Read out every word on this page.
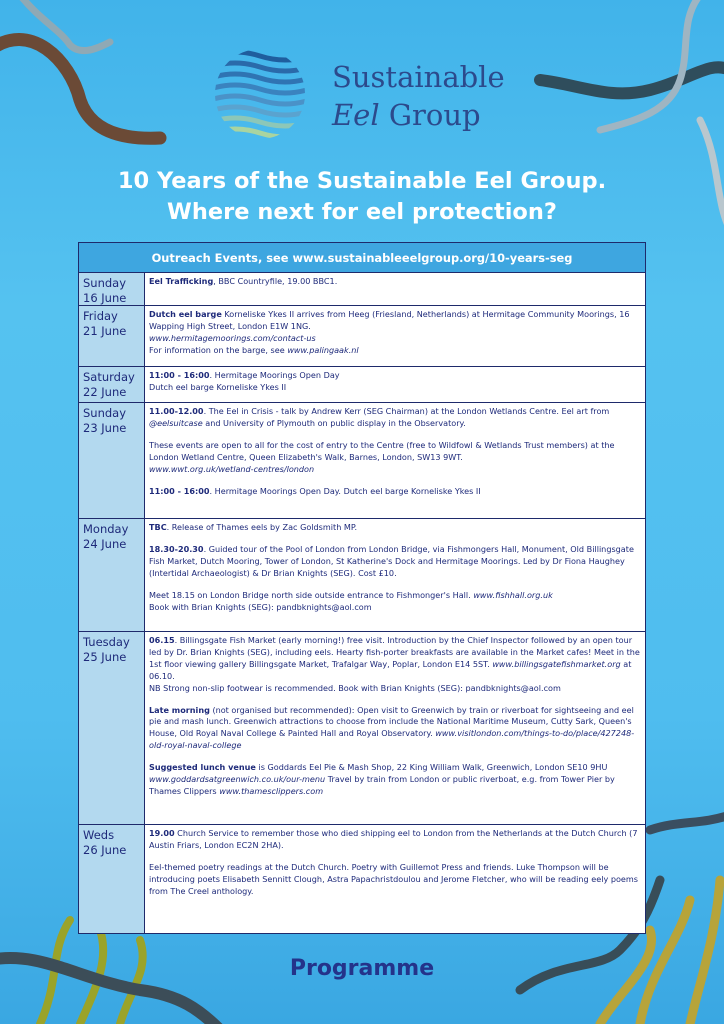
Sustainable
Eel Group
10 Years of the Sustainable Eel Group.
Where next for eel protection?
Outreach Events, see www.sustainableeelgroup.org/10-years-seg
Sunday
16 June

Eel Trafficking, BBC Countryfile, 19.00 BBC1.

Friday
21 June

Dutch eel barge Korneliske Ykes II arrives from Heeg (Friesland, Netherlands) at Hermitage Community Moorings, 16 Wapping High Street, London E1W 1NG.
www.hermitagemoorings.com/contact-us
For information on the barge, see www.palingaak.nl

Saturday
22 June

11:00 - 16:00. Hermitage Moorings Open Day
Dutch eel barge Korneliske Ykes II

Sunday
23 June

11.00-12.00. The Eel in Crisis - talk by Andrew Kerr (SEG Chairman) at the London Wetlands Centre. Eel art from @eelsuitcase and University of Plymouth on public display in the Observatory.

These events are open to all for the cost of entry to the Centre (free to Wildfowl & Wetlands Trust members) at the London Wetland Centre, Queen Elizabeth's Walk, Barnes, London, SW13 9WT.
www.wwt.org.uk/wetland-centres/london

11:00 - 16:00. Hermitage Moorings Open Day. Dutch eel barge Korneliske Ykes II

Monday
24 June

TBC. Release of Thames eels by Zac Goldsmith MP.

18.30-20.30. Guided tour of the Pool of London from London Bridge, via Fishmongers Hall, Monument, Old Billingsgate Fish Market, Dutch Mooring, Tower of London, St Katherine's Dock and Hermitage Moorings. Led by Dr Fiona Haughey (Intertidal Archaeologist) & Dr Brian Knights (SEG). Cost £10.

Meet 18.15 on London Bridge north side outside entrance to Fishmonger's Hall. www.fishhall.org.uk
Book with Brian Knights (SEG): pandbknights@aol.com

Tuesday
25 June

06.15. Billingsgate Fish Market (early morning!) free visit. Introduction by the Chief Inspector followed by an open tour led by Dr. Brian Knights (SEG), including eels. Hearty fish-porter breakfasts are available in the Market cafes! Meet in the 1st floor viewing gallery Billingsgate Market, Trafalgar Way, Poplar, London E14 5ST. www.billingsgatefishmarket.org at 06.10.
NB Strong non-slip footwear is recommended. Book with Brian Knights (SEG): pandbknights@aol.com

Late morning (not organised but recommended): Open visit to Greenwich by train or riverboat for sightseeing and eel pie and mash lunch. Greenwich attractions to choose from include the National Maritime Museum, Cutty Sark, Queen's House, Old Royal Naval College & Painted Hall and Royal Observatory. www.visitlondon.com/things-to-do/place/427248-old-royal-naval-college

Suggested lunch venue is Goddards Eel Pie & Mash Shop, 22 King William Walk, Greenwich, London SE10 9HU www.goddardsatgreenwich.co.uk/our-menu Travel by train from London or public riverboat, e.g. from Tower Pier by Thames Clippers www.thamesclippers.com

Weds
26 June

19.00 Church Service to remember those who died shipping eel to London from the Netherlands at the Dutch Church (7 Austin Friars, London EC2N 2HA).

Eel-themed poetry readings at the Dutch Church. Poetry with Guillemot Press and friends. Luke Thompson will be introducing poets Elisabeth Sennitt Clough, Astra Papachristdoulou and Jerome Fletcher, who will be reading eely poems from The Creel anthology.

Programme
